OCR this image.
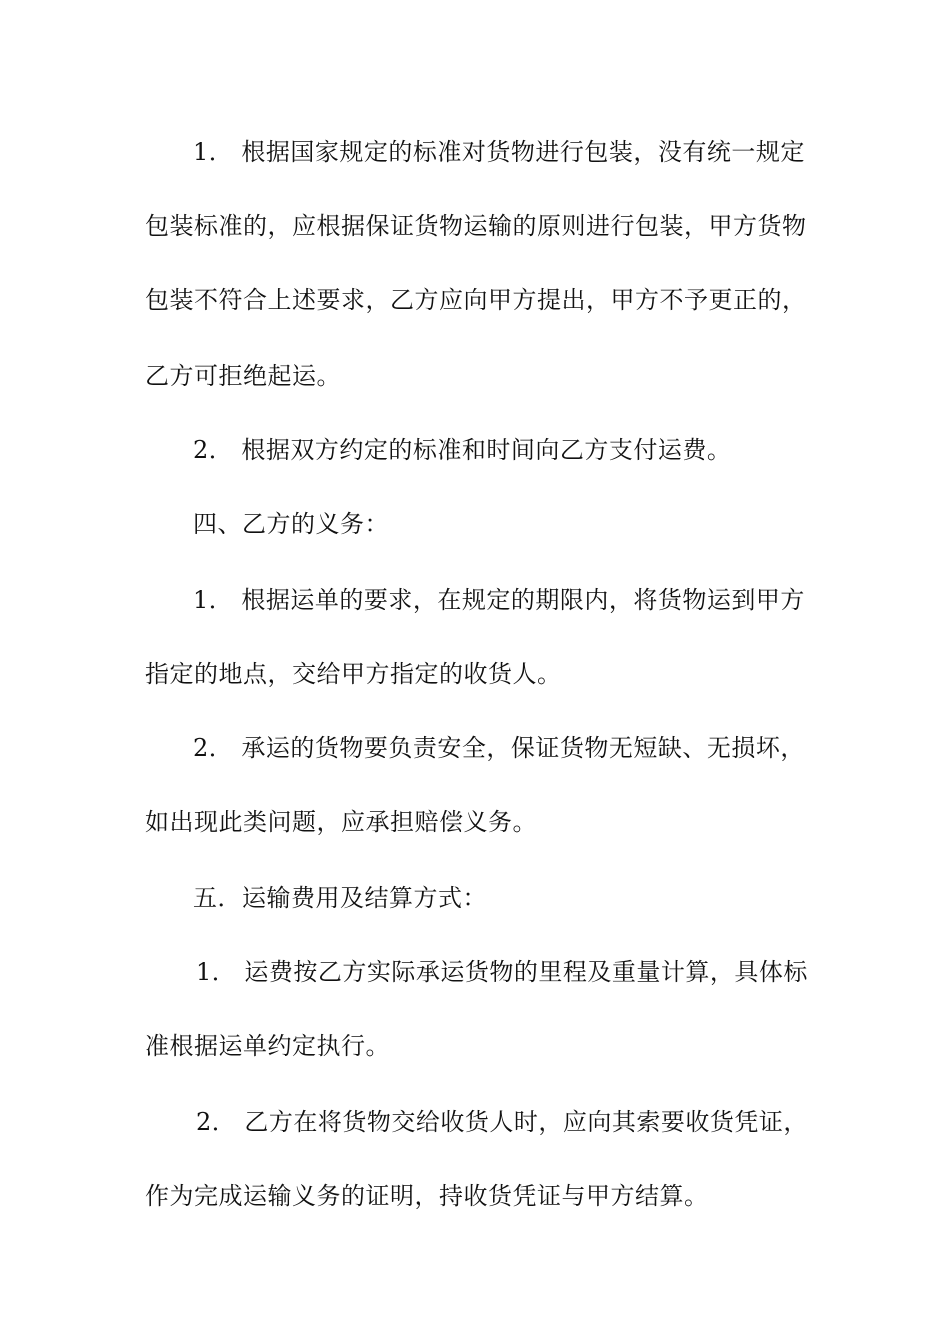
1． 根据国家规定的标准对货物进行包装，没有统一规定
包装标准的，应根据保证货物运输的原则进行包装，甲方货物
包装不符合上述要求，乙方应向甲方提出，甲方不予更正的，
乙方可拒绝起运。
2． 根据双方约定的标准和时间向乙方支付运费。
四、乙方的义务：
1． 根据运单的要求，在规定的期限内，将货物运到甲方
指定的地点，交给甲方指定的收货人。
2． 承运的货物要负责安全，保证货物无短缺、无损坏，
如出现此类问题，应承担赔偿义务。
五．运输费用及结算方式：
1． 运费按乙方实际承运货物的里程及重量计算，具体标
准根据运单约定执行。
2． 乙方在将货物交给收货人时，应向其索要收货凭证，
作为完成运输义务的证明，持收货凭证与甲方结算。
